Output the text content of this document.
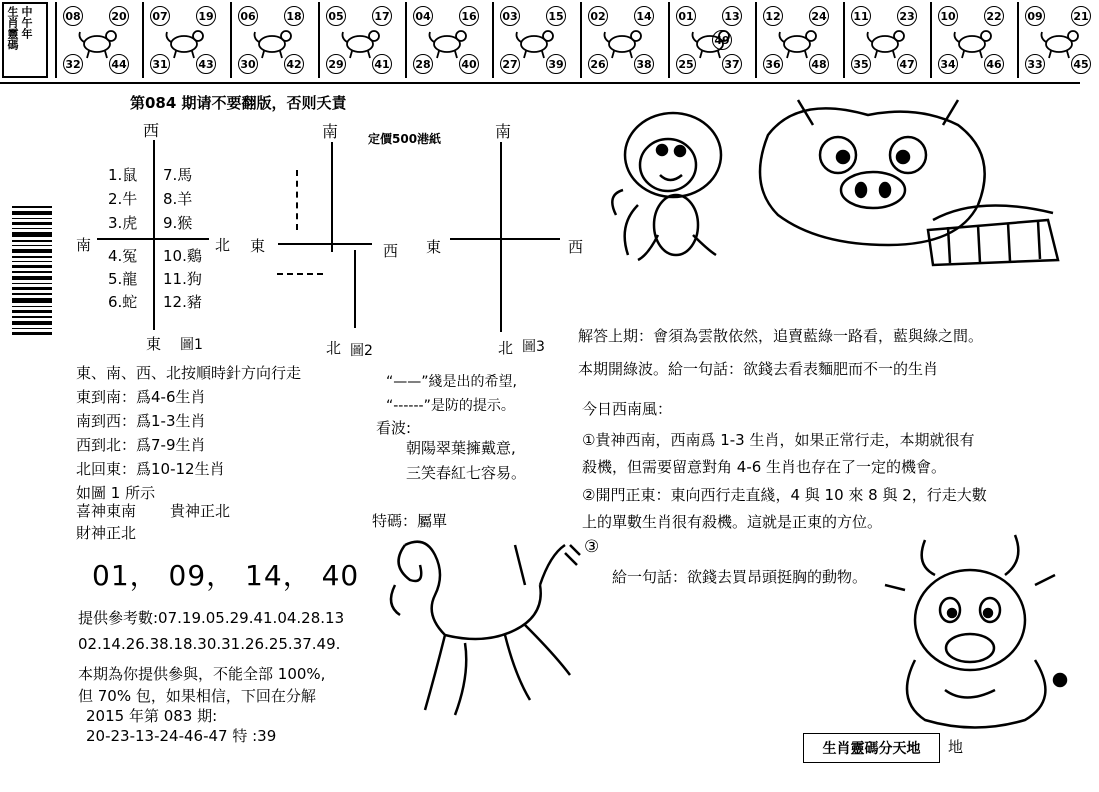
生肖靈碼 中午年	08	20
32	44
07	19
31	43
06	18
30	42
05	17
29	41
04	16
28	40
03	15
27	39
02	14
26	38
01	13
25	37
49
12	24
36	48
11	23
35	47
10	22
34	46
09	21
33	45
第084 期请不要翻版，否则夭責
西
南	北
東 圖1
1.鼠
2.牛
3.虎
4.冤
5.龍
6.蛇
7.馬
8.羊
9.猴
10.鷄
11.狗
12.豬
南 定價500港紙
東	西
北 圖2
南
東	西
北 圖3
東、南、西、北按順時針方向行走
東到南：爲4-6生肖
南到西：爲1-3生肖
西到北：爲7-9生肖
北回東：爲10-12生肖
如圖 1 所示
喜神東南 貴神正北
財神正北
“——”綫是出的希望,
“------”是防的提示。
看波:
朝陽翠葉擁戴意,
三笑春紅七容易。
特碼：屬單
01， 09， 14， 40
提供參考數:07.19.05.29.41.04.28.13
02.14.26.38.18.30.31.26.25.37.49.
本期為你提供參與，不能全部 100%,
但 70% 包，如果相信，下回在分解
2015 年第 083 期:
20-23-13-24-46-47 特 :39
解答上期：會須為雲散依然，追賣藍綠一路看，藍與綠之間。
本期開綠波。給一句話：欲錢去看表麵肥而不一的生肖
今日西南風：
①貴神西南，西南爲 1-3 生肖，如果正常行走，本期就很有
殺機，但需要留意對角 4-6 生肖也存在了一定的機會。
②開門正東：東向西行走直綫，4 與 10 來 8 與 2，行走大數
上的單數生肖很有殺機。這就是正東的方位。
③
給一句話：欲錢去買昂頭挺胸的動物。
生肖靈碼分天地	地
